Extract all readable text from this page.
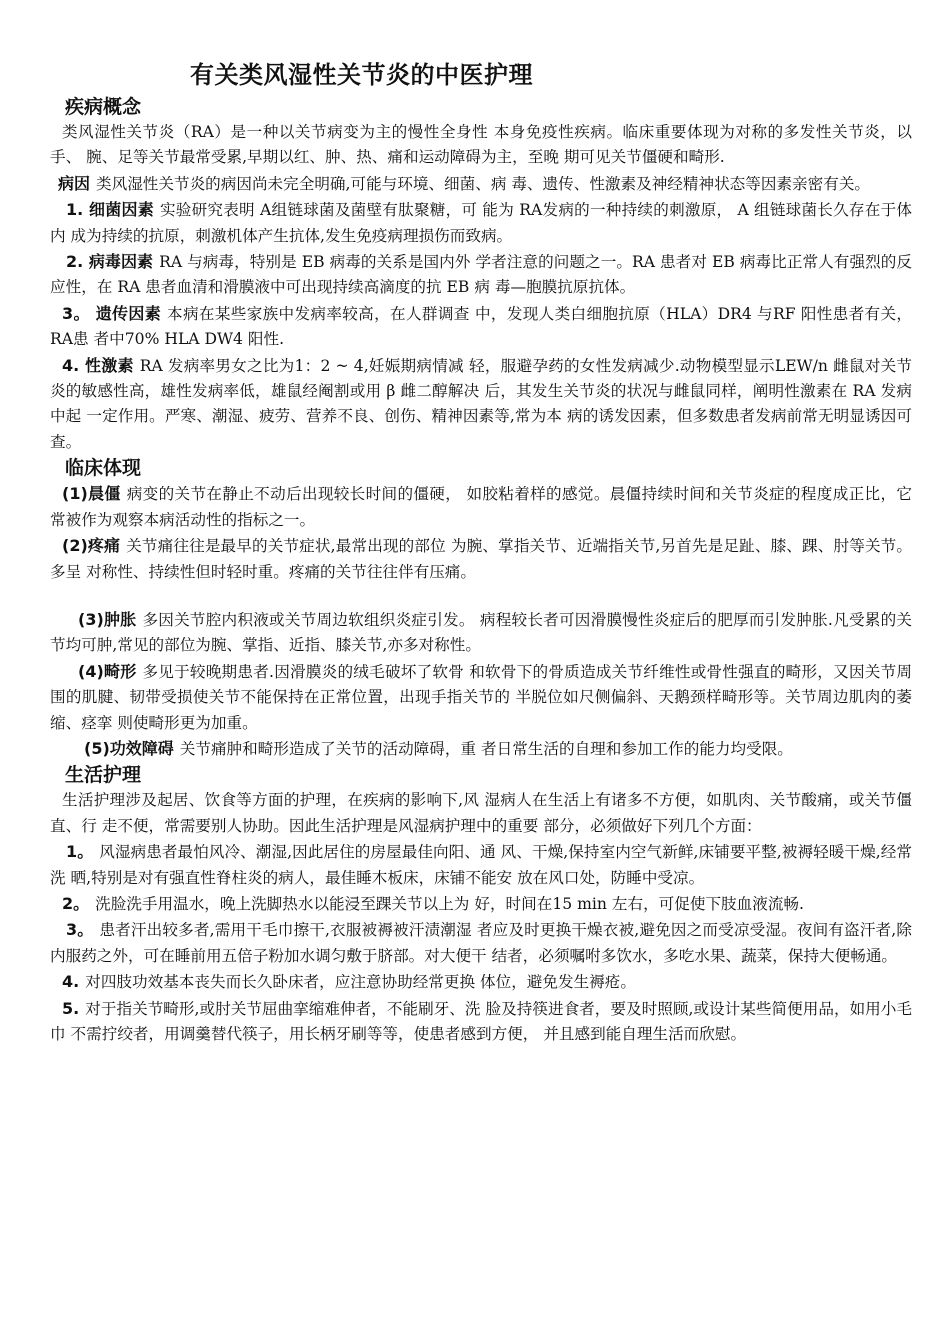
有关类风湿性关节炎的中医护理
疾病概念

类风湿性关节炎（RA）是一种以关节病变为主的慢性全身性 本身免疫性疾病。临床重要体现为对称的多发性关节炎，以手、 腕、足等关节最常受累,早期以红、肿、热、痛和运动障碍为主，至晚 期可见关节僵硬和畸形.

病因 类风湿性关节炎的病因尚未完全明确,可能与环境、细菌、病 毒、遗传、性激素及神经精神状态等因素亲密有关。

1. 细菌因素 实验研究表明 A组链球菌及菌壁有肽聚糖，可 能为 RA发病的一种持续的刺激原， A 组链球菌长久存在于体内 成为持续的抗原，刺激机体产生抗体,发生免疫病理损伤而致病。

2. 病毒因素 RA 与病毒，特别是 EB 病毒的关系是国内外 学者注意的问题之一。RA 患者对 EB 病毒比正常人有强烈的反 应性，在 RA 患者血清和滑膜液中可出现持续高滴度的抗 EB 病 毒—胞膜抗原抗体。

3。 遗传因素 本病在某些家族中发病率较高，在人群调查 中，发现人类白细胞抗原（HLA）DR4 与RF 阳性患者有关， RA患 者中70% HLA DW4 阳性.

4. 性激素 RA 发病率男女之比为1：2 ~ 4,妊娠期病情减 轻，服避孕药的女性发病减少.动物模型显示LEW/n 雌鼠对关节 炎的敏感性高，雄性发病率低，雄鼠经阉割或用 β 雌二醇解决 后，其发生关节炎的状况与雌鼠同样，阐明性激素在 RA 发病中起 一定作用。严寒、潮湿、疲劳、营养不良、创伤、精神因素等,常为本 病的诱发因素，但多数患者发病前常无明显诱因可查。

临床体现

(1)晨僵 病变的关节在静止不动后出现较长时间的僵硬， 如胶粘着样的感觉。晨僵持续时间和关节炎症的程度成正比，它 常被作为观察本病活动性的指标之一。

(2)疼痛 关节痛往往是最早的关节症状,最常出现的部位 为腕、掌指关节、近端指关节,另首先是足趾、膝、踝、肘等关节。多呈 对称性、持续性但时轻时重。疼痛的关节往往伴有压痛。

(3)肿胀 多因关节腔内积液或关节周边软组织炎症引发。 病程较长者可因滑膜慢性炎症后的肥厚而引发肿胀.凡受累的关 节均可肿,常见的部位为腕、掌指、近指、膝关节,亦多对称性。

(4)畸形 多见于较晚期患者.因滑膜炎的绒毛破坏了软骨 和软骨下的骨质造成关节纤维性或骨性强直的畸形，又因关节周 围的肌腱、韧带受损使关节不能保持在正常位置，出现手指关节的 半脱位如尺侧偏斜、天鹅颈样畸形等。关节周边肌肉的萎缩、痉挛 则使畸形更为加重。

(5)功效障碍 关节痛肿和畸形造成了关节的活动障碍，重 者日常生活的自理和参加工作的能力均受限。

生活护理

生活护理涉及起居、饮食等方面的护理，在疾病的影响下,风 湿病人在生活上有诸多不方便，如肌肉、关节酸痛，或关节僵直、行 走不便，常需要别人协助。因此生活护理是风湿病护理中的重要 部分，必须做好下列几个方面：

1。 风湿病患者最怕风冷、潮湿,因此居住的房屋最佳向阳、通 风、干燥,保持室内空气新鲜,床铺要平整,被褥轻暖干燥,经常洗 晒,特别是对有强直性脊柱炎的病人，最佳睡木板床，床铺不能安 放在风口处，防睡中受凉。

2。 洗脸洗手用温水，晚上洗脚热水以能浸至踝关节以上为 好，时间在15 min 左右，可促使下肢血液流畅.

3。 患者汗出较多者,需用干毛巾擦干,衣服被褥被汗渍潮湿 者应及时更换干燥衣被,避免因之而受凉受湿。夜间有盗汗者,除 内服药之外，可在睡前用五倍子粉加水调匀敷于脐部。对大便干 结者，必须嘱咐多饮水，多吃水果、蔬菜，保持大便畅通。

4. 对四肢功效基本丧失而长久卧床者，应注意协助经常更换 体位，避免发生褥疮。

5. 对于指关节畸形,或肘关节屈曲挛缩难伸者，不能刷牙、洗 脸及持筷进食者，要及时照顾,或设计某些简便用品，如用小毛巾 不需拧绞者，用调羹替代筷子，用长柄牙刷等等，使患者感到方便， 并且感到能自理生活而欣慰。
